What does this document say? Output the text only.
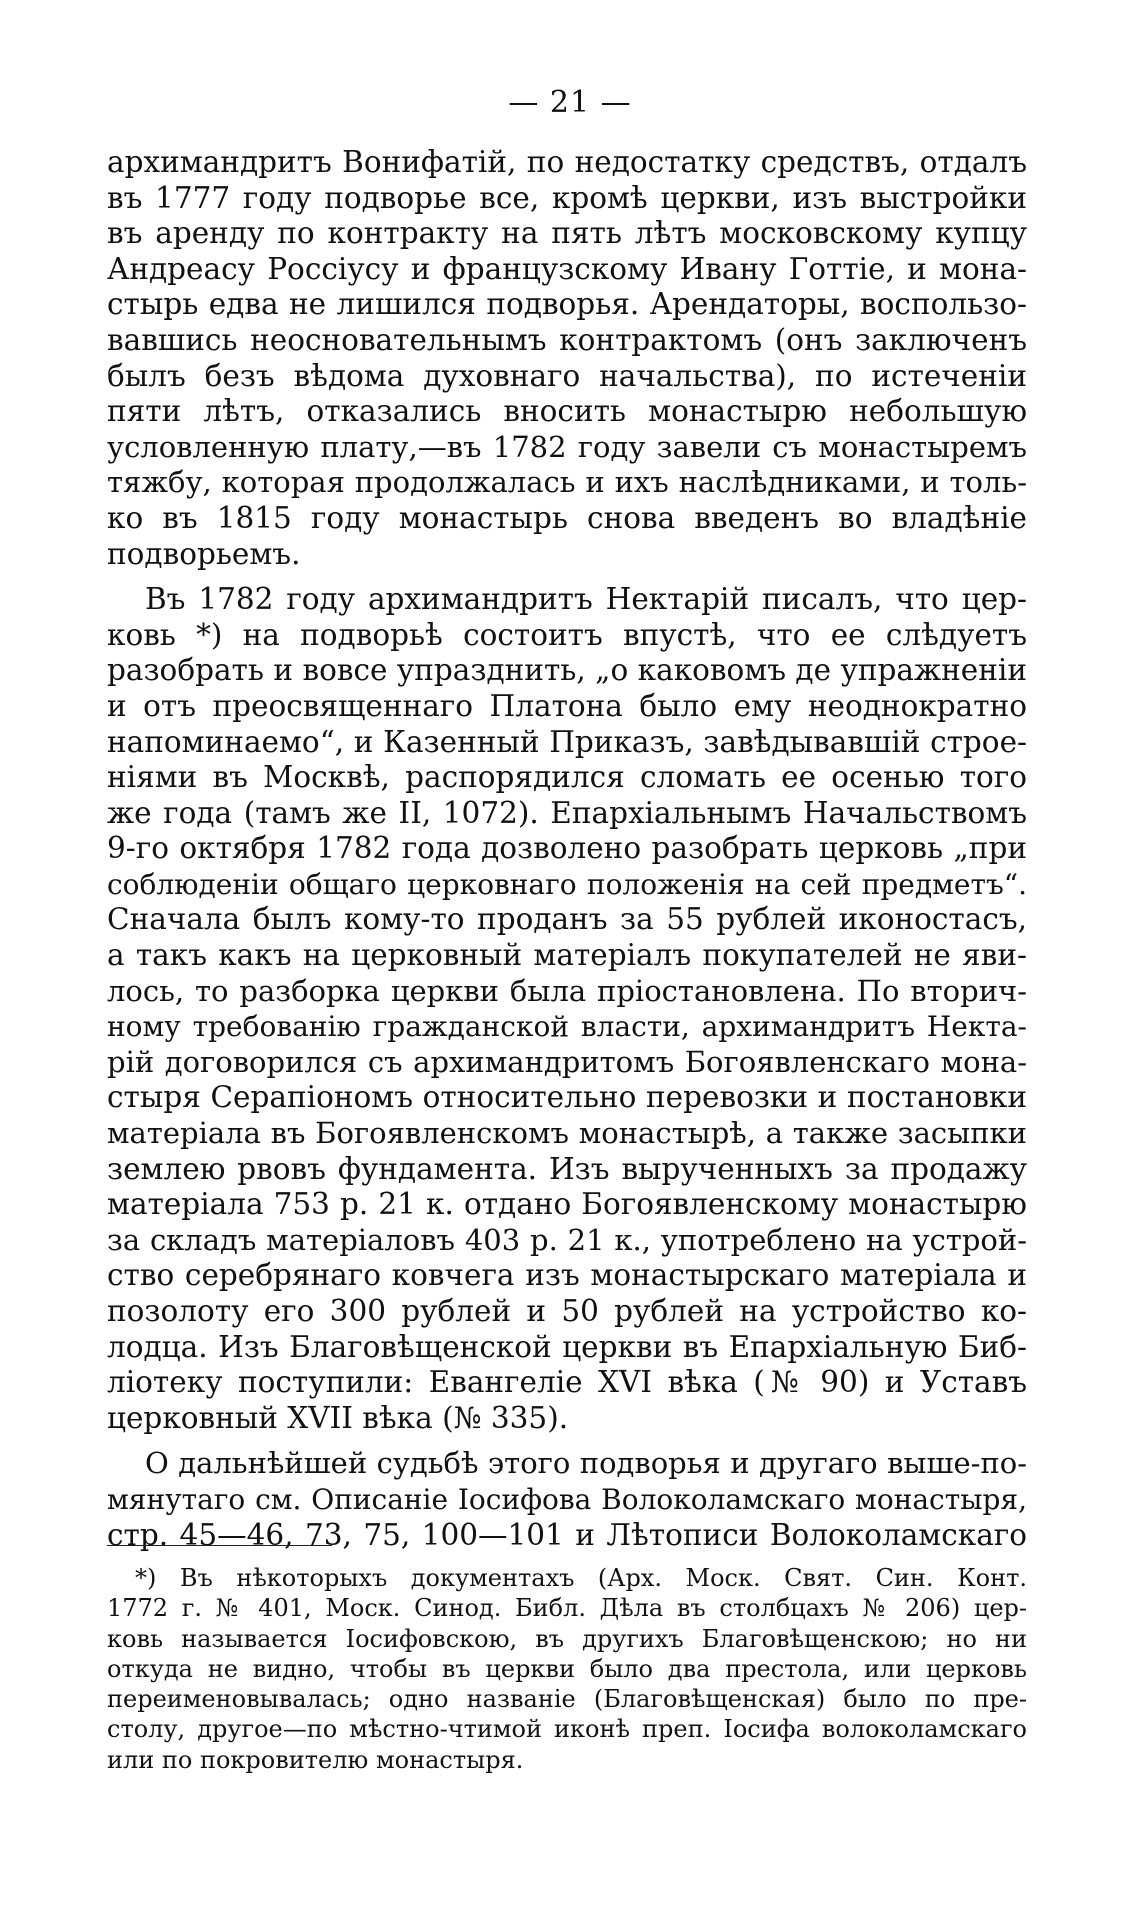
— 21 —

архимандритъ Вонифатій, по недостатку средствъ, отдалъ
въ 1777 году подворье все, кромѣ церкви, изъ выстройки
въ аренду по контракту на пять лѣтъ московскому купцу
Андреасу Россіусу и французскому Ивану Готтіе, и мона-
стырь едва не лишился подворья. Арендаторы, воспользо-
вавшись неосновательнымъ контрактомъ (онъ заключенъ
былъ безъ вѣдома духовнаго начальства), по истеченіи
пяти лѣтъ, отказались вносить монастырю небольшую
условленную плату,—въ 1782 году завели съ монастыремъ
тяжбу, которая продолжалась и ихъ наслѣдниками, и толь-
ко въ 1815 году монастырь снова введенъ во владѣніе
подворьемъ.

Въ 1782 году архимандритъ Нектарій писалъ, что цер-
ковь *) на подворьѣ состоитъ впустѣ, что ее слѣдуетъ
разобрать и вовсе упразднить, „о каковомъ де упражненіи
и отъ преосвященнаго Платона было ему неоднократно
напоминаемо“, и Казенный Приказъ, завѣдывавшій строе-
ніями въ Москвѣ, распорядился сломать ее осенью того
же года (тамъ же II, 1072). Епархіальнымъ Начальствомъ
9-го октября 1782 года дозволено разобрать церковь „при
соблюденіи общаго церковнаго положенія на сей предметъ“.
Сначала былъ кому-то проданъ за 55 рублей иконостасъ,
а такъ какъ на церковный матеріалъ покупателей не яви-
лось, то разборка церкви была пріостановлена. По вторич-
ному требованію гражданской власти, архимандритъ Некта-
рій договорился съ архимандритомъ Богоявленскаго мона-
стыря Серапіономъ относительно перевозки и постановки
матеріала въ Богоявленскомъ монастырѣ, а также засыпки
землею рвовъ фундамента. Изъ вырученныхъ за продажу
матеріала 753 р. 21 к. отдано Богоявленскому монастырю
за складъ матеріаловъ 403 р. 21 к., употреблено на устрой-
ство серебрянаго ковчега изъ монастырскаго матеріала и
позолоту его 300 рублей и 50 рублей на устройство ко-
лодца. Изъ Благовѣщенской церкви въ Епархіальную Биб-
ліотеку поступили: Евангеліе XVI вѣка (№ 90) и Уставъ
церковный XVII вѣка (№ 335).

О дальнѣйшей судьбѣ этого подворья и другаго выше-по-
мянутаго см. Описаніе Іосифова Волоколамскаго монастыря,
стр. 45—46, 73, 75, 100—101 и Лѣтописи Волоколамскаго

*) Въ нѣкоторыхъ документахъ (Арх. Моск. Свят. Син. Конт.
1772 г. № 401, Моск. Синод. Библ. Дѣла въ столбцахъ № 206) цер-
ковь называется Іосифовскою, въ другихъ Благовѣщенскою; но ни
откуда не видно, чтобы въ церкви было два престола, или церковь
переименовывалась; одно названіе (Благовѣщенская) было по пре-
столу, другое—по мѣстно-чтимой иконѣ преп. Іосифа волоколамскаго
или по покровителю монастыря.
